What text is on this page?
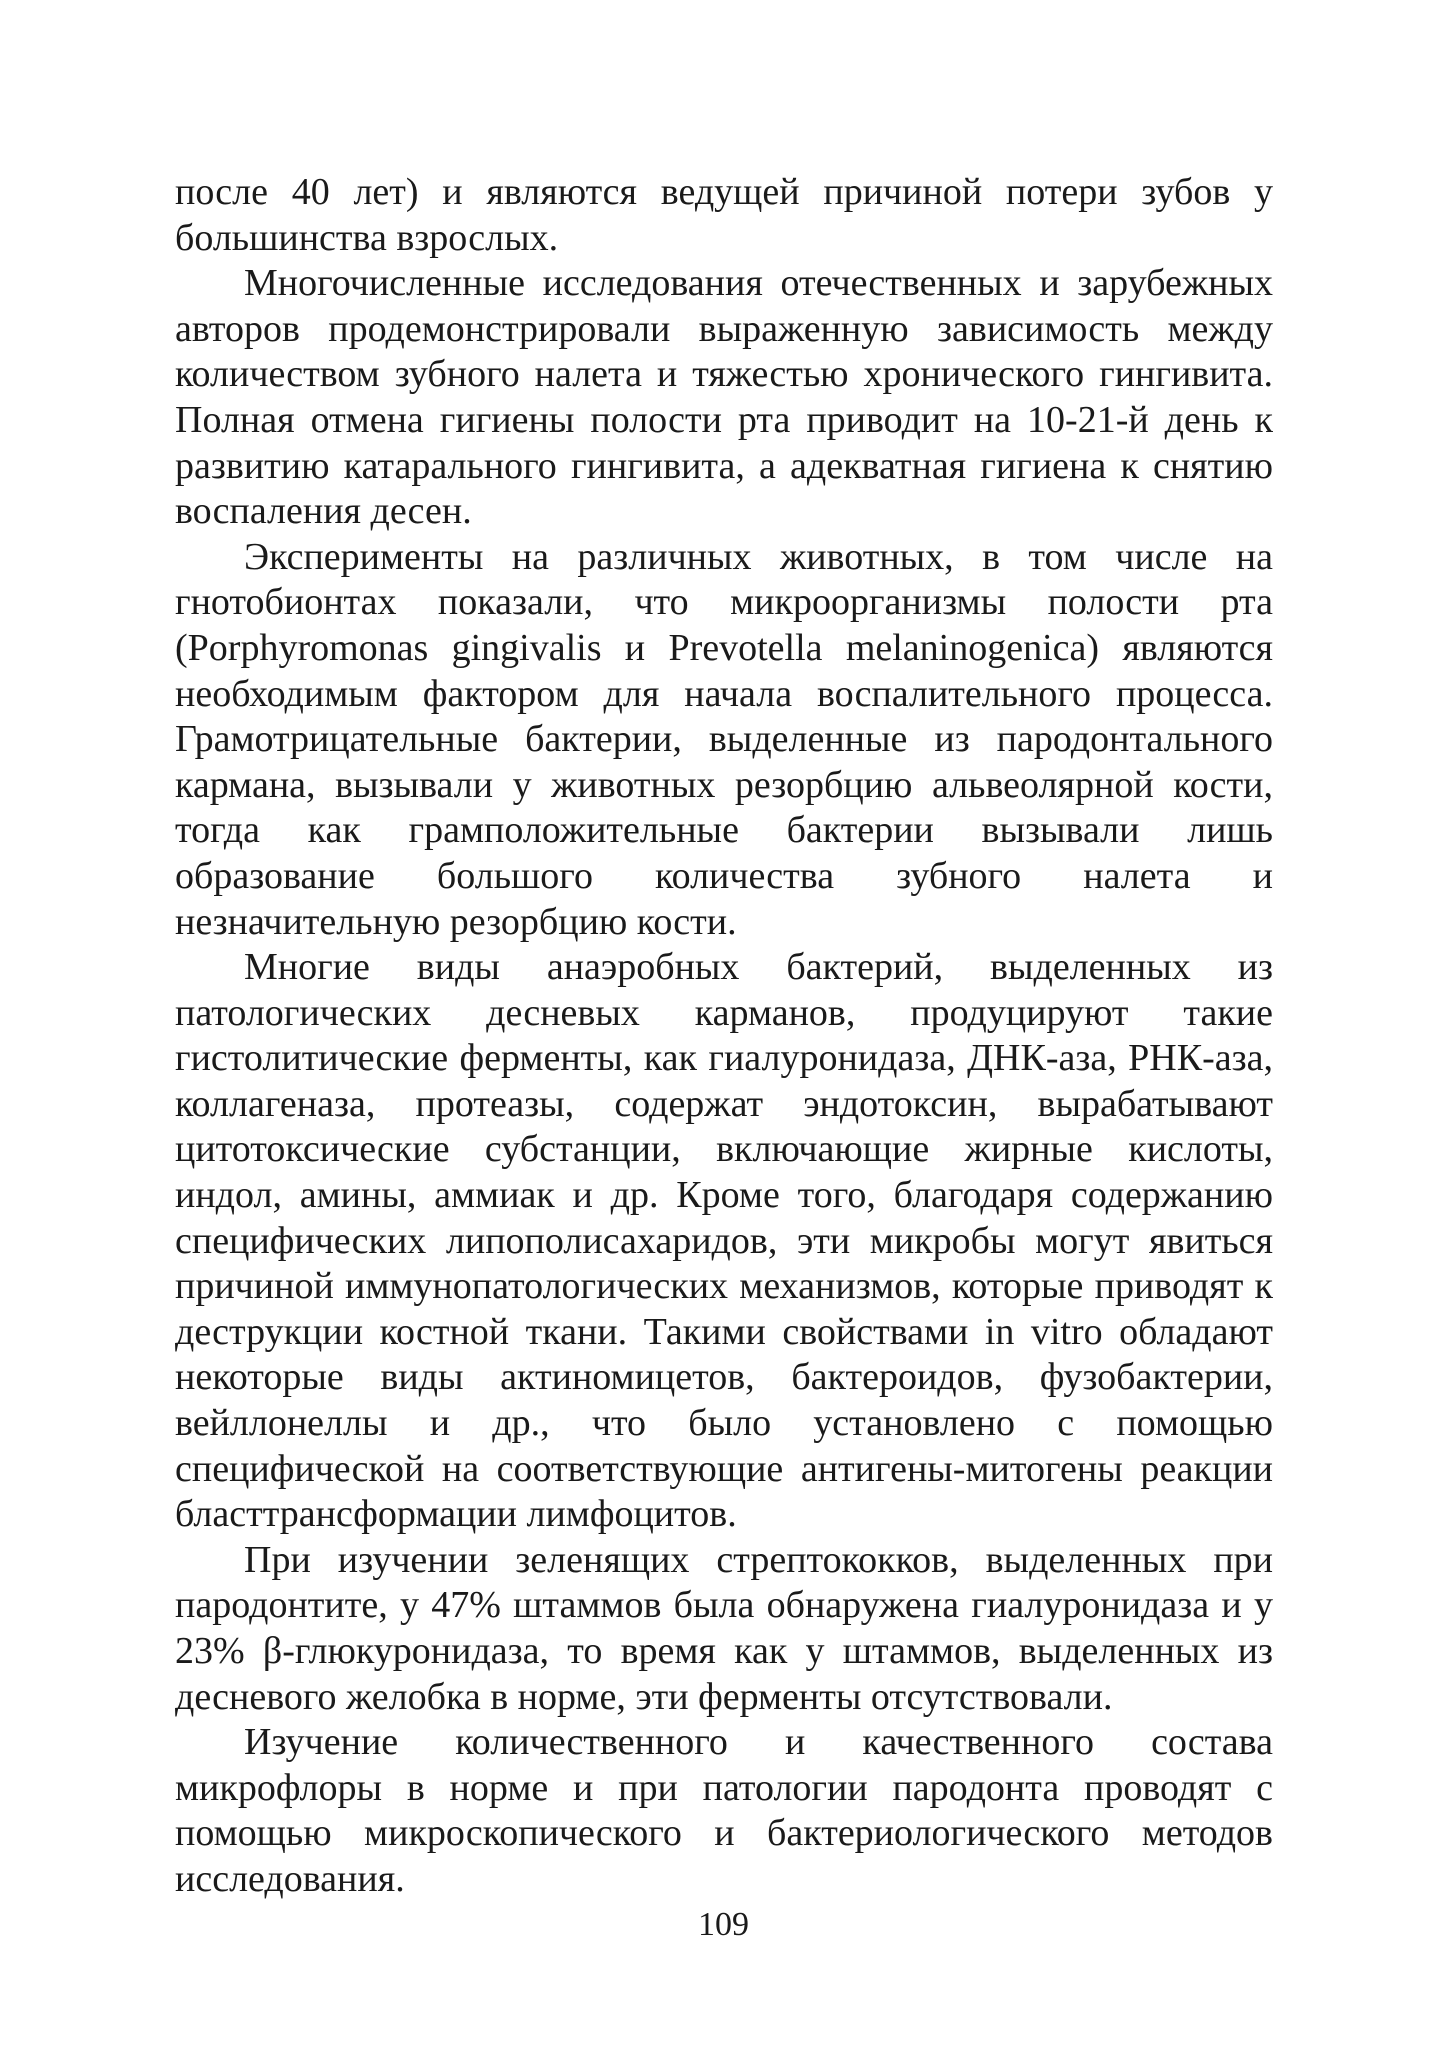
после 40 лет) и являются ведущей причиной потери зубов у большинства взрослых.

Многочисленные исследования отечественных и зарубежных авторов продемонстрировали выраженную зависимость между количеством зубного налета и тяжестью хронического гингивита. Полная отмена гигиены полости рта приводит на 10-21-й день к развитию катарального гингивита, а адекватная гигиена к снятию воспаления десен.

Эксперименты на различных животных, в том числе на гнотобионтах показали, что микроорганизмы полости рта (Porphyromonas gingivalis и Prevotella melaninogenica) являются необходимым фактором для начала воспалительного процесса. Грамотрицательные бактерии, выделенные из пародонтального кармана, вызывали у животных резорбцию альвеолярной кости, тогда как грамположительные бактерии вызывали лишь образование большого количества зубного налета и незначительную резорбцию кости.

Многие виды анаэробных бактерий, выделенных из патологических десневых карманов, продуцируют такие гистолитические ферменты, как гиалуронидаза, ДНК-аза, РНК-аза, коллагеназа, протеазы, содержат эндотоксин, вырабатывают цитотоксические субстанции, включающие жирные кислоты, индол, амины, аммиак и др. Кроме того, благодаря содержанию специфических липополисахаридов, эти микробы могут явиться причиной иммунопатологических механизмов, которые приводят к деструкции костной ткани. Такими свойствами in vitro обладают некоторые виды актиномицетов, бактероидов, фузобактерии, вейллонеллы и др., что было установлено с помощью специфической на соответствующие антигены-митогены реакции бласттрансформации лимфоцитов.

При изучении зеленящих стрептококков, выделенных при пародонтите, у 47% штаммов была обнаружена гиалуронидаза и у 23% β-глюкуронидаза, то время как у штаммов, выделенных из десневого желобка в норме, эти ферменты отсутствовали.

Изучение количественного и качественного состава микрофлоры в норме и при патологии пародонта проводят с помощью микроскопического и бактериологического методов исследования.

109
